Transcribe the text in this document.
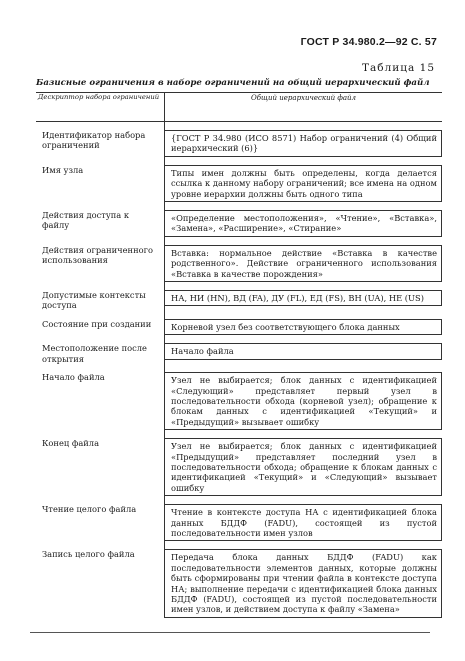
ГОСТ Р 34.980.2—92 С. 57
Таблица 15
Базисные ограничения в наборе ограничений на общий иерархический файл
Дескриптор набора ограничений	Общий иерархический файл

Идентификатор набора ограничений	{ГОСТ Р 34.980 (ИСО 8571) Набор ограничений (4) Общий иерархический (6)}

Имя узла	Типы имен должны быть определены, когда делается ссылка к данному набору ограничений; все имена на одном уровне иерархии должны быть одного типа

Действия доступа к файлу	«Определение местоположения», «Чтение», «Вставка», «Замена», «Расширение», «Стирание»

Действия ограниченного использования	Вставка: нормальное действие «Вставка в качестве родственного». Действие ограниченного использования «Вставка в качестве порождения»

Допустимые контексты доступа	НА, НИ (HN), ВД (FA), ДУ (FL), ЕД (FS), ВН (UA), НЕ (US)

Состояние при создании	Корневой узел без соответствующего блока данных

Местоположение после открытия	Начало файла

Начало файла	Узел не выбирается; блок данных с идентификацией «Следующий» представляет первый узел в последовательности обхода (корневой узел); обращение к блокам данных с идентификацией «Текущий» и «Предыдущий» вызывает ошибку

Конец файла	Узел не выбирается; блок данных с идентификацией «Предыдущий» представляет последний узел в последовательности обхода; обращение к блокам данных с идентификацией «Текущий» и «Следующий» вызывает ошибку

Чтение целого файла	Чтение в контексте доступа НА с идентификацией блока данных БДДФ (FADU), состоящей из пустой последовательности имен узлов

Запись целого файла	Передача блока данных БДДФ (FADU) как последовательности элементов данных, которые должны быть сформированы при чтении файла в контексте доступа НА; выполнение передачи с идентификацией блока данных БДДФ (FADU), состоящей из пустой последовательности имен узлов, и действием доступа к файлу «Замена»
